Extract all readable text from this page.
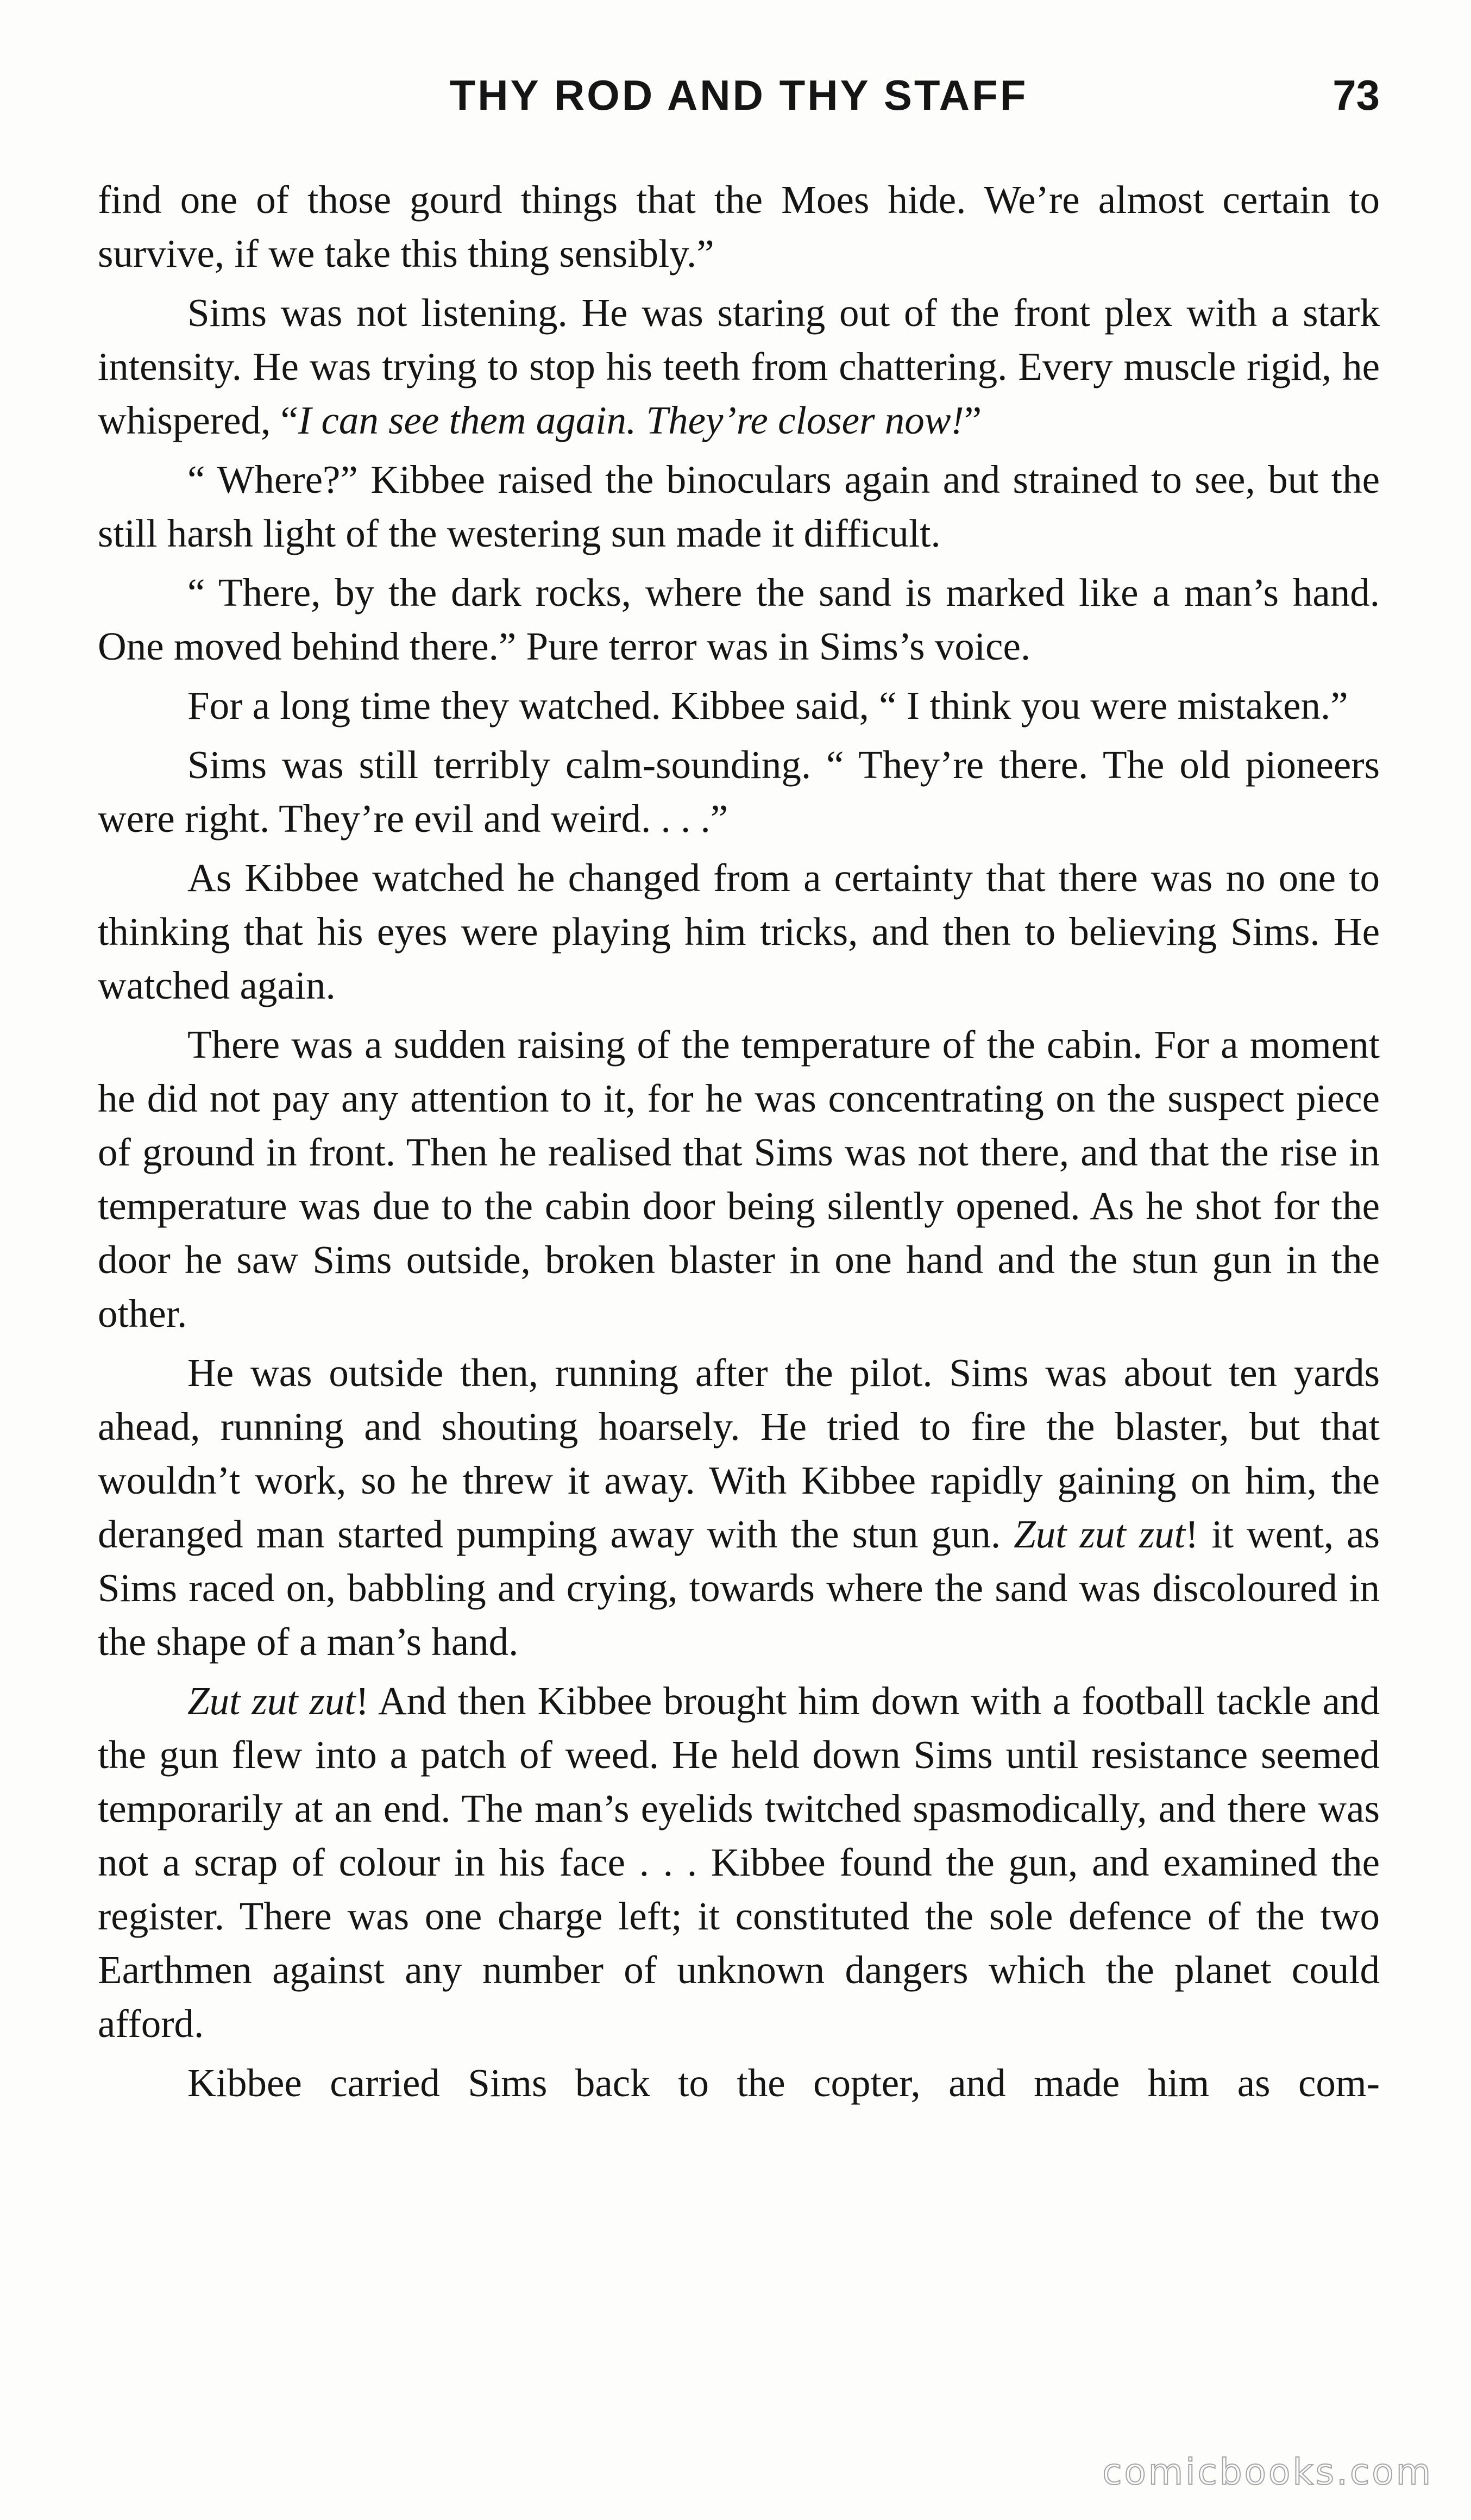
THY ROD AND THY STAFF	73

find one of those gourd things that the Moes hide. We’re almost certain to survive, if we take this thing sensibly.”

Sims was not listening. He was staring out of the front plex with a stark intensity. He was trying to stop his teeth from chattering. Every muscle rigid, he whispered, “I can see them again. They’re closer now!”

“ Where?” Kibbee raised the binoculars again and strained to see, but the still harsh light of the westering sun made it difficult.

“ There, by the dark rocks, where the sand is marked like a man’s hand. One moved behind there.” Pure terror was in Sims’s voice.

For a long time they watched. Kibbee said, “ I think you were mistaken.”

Sims was still terribly calm-sounding. “ They’re there. The old pioneers were right. They’re evil and weird. . . .”

As Kibbee watched he changed from a certainty that there was no one to thinking that his eyes were playing him tricks, and then to believing Sims. He watched again.

There was a sudden raising of the temperature of the cabin. For a moment he did not pay any attention to it, for he was concentrating on the suspect piece of ground in front. Then he realised that Sims was not there, and that the rise in temperature was due to the cabin door being silently opened. As he shot for the door he saw Sims outside, broken blaster in one hand and the stun gun in the other.

He was outside then, running after the pilot. Sims was about ten yards ahead, running and shouting hoarsely. He tried to fire the blaster, but that wouldn’t work, so he threw it away. With Kibbee rapidly gaining on him, the deranged man started pumping away with the stun gun. Zut zut zut! it went, as Sims raced on, babbling and crying, towards where the sand was discoloured in the shape of a man’s hand.

Zut zut zut! And then Kibbee brought him down with a football tackle and the gun flew into a patch of weed. He held down Sims until resistance seemed temporarily at an end. The man’s eyelids twitched spasmodically, and there was not a scrap of colour in his face . . . Kibbee found the gun, and examined the register. There was one charge left; it constituted the sole defence of the two Earthmen against any number of unknown dangers which the planet could afford.

Kibbee carried Sims back to the copter, and made him as com-

comicbooks.com
